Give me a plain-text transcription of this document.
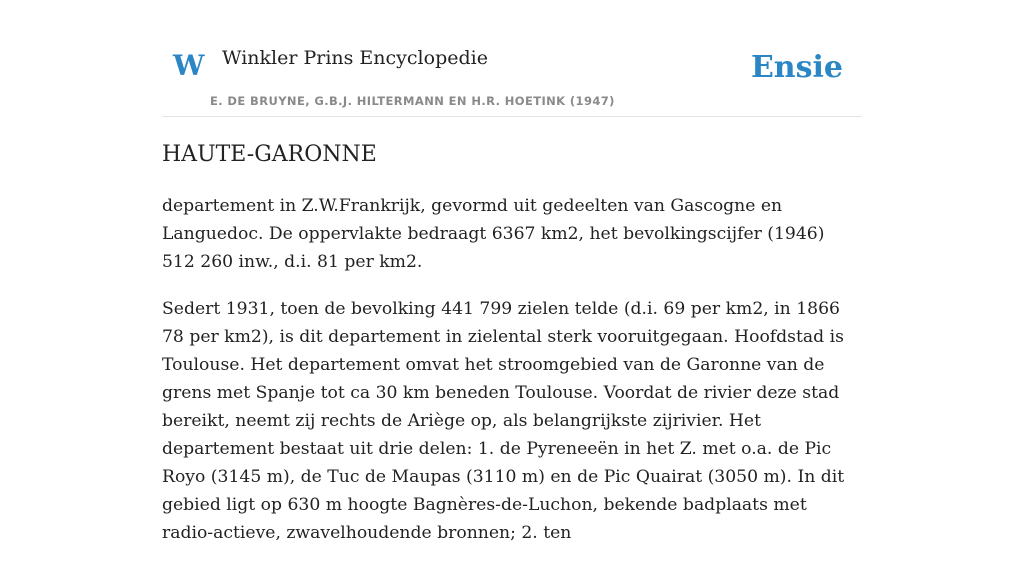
W Winkler Prins Encyclopedie
E. DE BRUYNE, G.B.J. HILTERMANN EN H.R. HOETINK (1947)
Ensie
HAUTE-GARONNE

departement in Z.W.Frankrijk, gevormd uit gedeelten van Gascogne en Languedoc. De oppervlakte bedraagt 6367 km2, het bevolkingscijfer (1946) 512 260 inw., d.i. 81 per km2.

Sedert 1931, toen de bevolking 441 799 zielen telde (d.i. 69 per km2, in 1866 78 per km2), is dit departement in zielental sterk vooruitgegaan. Hoofdstad is Toulouse. Het departement omvat het stroomgebied van de Garonne van de grens met Spanje tot ca 30 km beneden Toulouse. Voordat de rivier deze stad bereikt, neemt zij rechts de Ariège op, als belangrijkste zijrivier. Het departement bestaat uit drie delen: 1. de Pyreneeën in het Z. met o.a. de Pic Royo (3145 m), de Tuc de Maupas (3110 m) en de Pic Quairat (3050 m). In dit gebied ligt op 630 m hoogte Bagnères-de-Luchon, bekende badplaats met radio-actieve, zwavelhoudende bronnen; 2. ten
